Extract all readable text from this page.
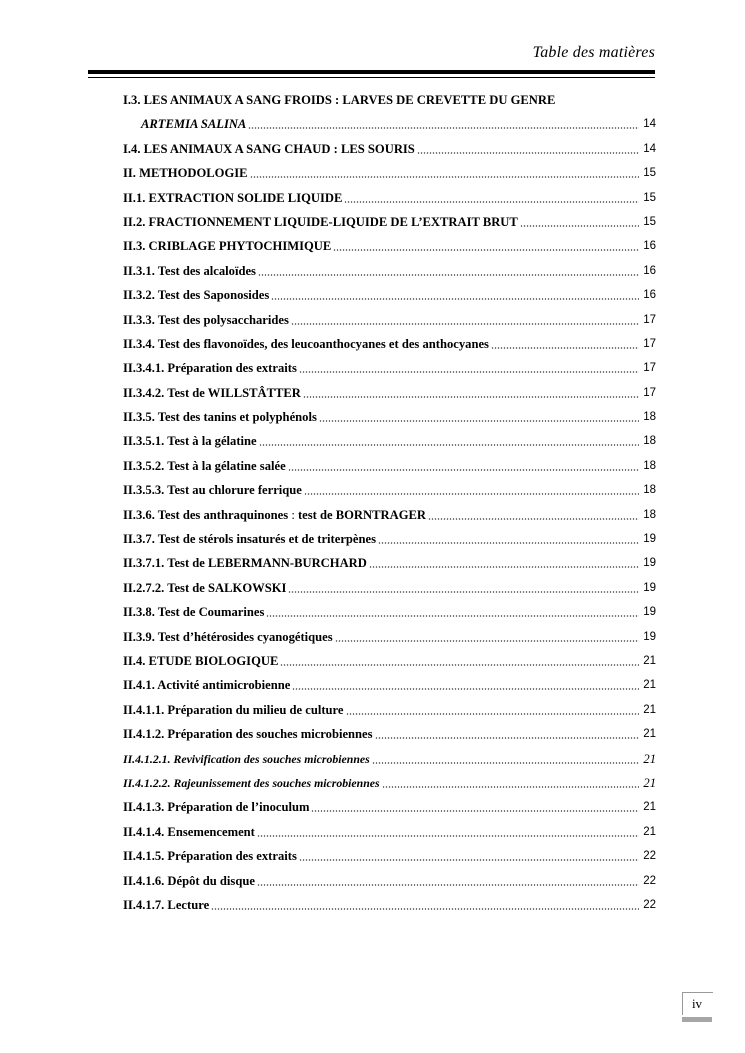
Table des matières
I.3. LES ANIMAUX A SANG FROIDS : LARVES DE CREVETTE DU GENRE
ARTEMIA SALINA	14
I.4. LES ANIMAUX A SANG CHAUD : LES SOURIS	14
II. METHODOLOGIE	15
II.1. EXTRACTION SOLIDE LIQUIDE	15
II.2. FRACTIONNEMENT LIQUIDE-LIQUIDE DE L’EXTRAIT BRUT	15
II.3. CRIBLAGE PHYTOCHIMIQUE	16
II.3.1. Test des alcaloïdes	16
II.3.2. Test des Saponosides	16
II.3.3. Test des polysaccharides	17
II.3.4. Test des flavonoïdes, des leucoanthocyanes et des anthocyanes	17
II.3.4.1. Préparation des extraits	17
II.3.4.2. Test de WILLSTÂTTER	17
II.3.5. Test des tanins et polyphénols	18
II.3.5.1. Test à la gélatine	18
II.3.5.2. Test à la gélatine salée	18
II.3.5.3. Test au chlorure ferrique	18
II.3.6. Test des anthraquinones : test de BORNTRAGER	18
II.3.7. Test de stérols insaturés et de triterpènes	19
II.3.7.1. Test de LEBERMANN-BURCHARD	19
II.2.7.2. Test de SALKOWSKI	19
II.3.8. Test de Coumarines	19
II.3.9. Test d’hétérosides cyanogétiques	19
II.4. ETUDE BIOLOGIQUE	21
II.4.1. Activité antimicrobienne	21
II.4.1.1. Préparation du milieu de culture	21
II.4.1.2. Préparation des souches microbiennes	21
II.4.1.2.1. Revivification des souches microbiennes	21
II.4.1.2.2. Rajeunissement des souches microbiennes	21
II.4.1.3. Préparation de l’inoculum	21
II.4.1.4. Ensemencement	21
II.4.1.5. Préparation des extraits	22
II.4.1.6. Dépôt du disque	22
II.4.1.7. Lecture	22
iv
